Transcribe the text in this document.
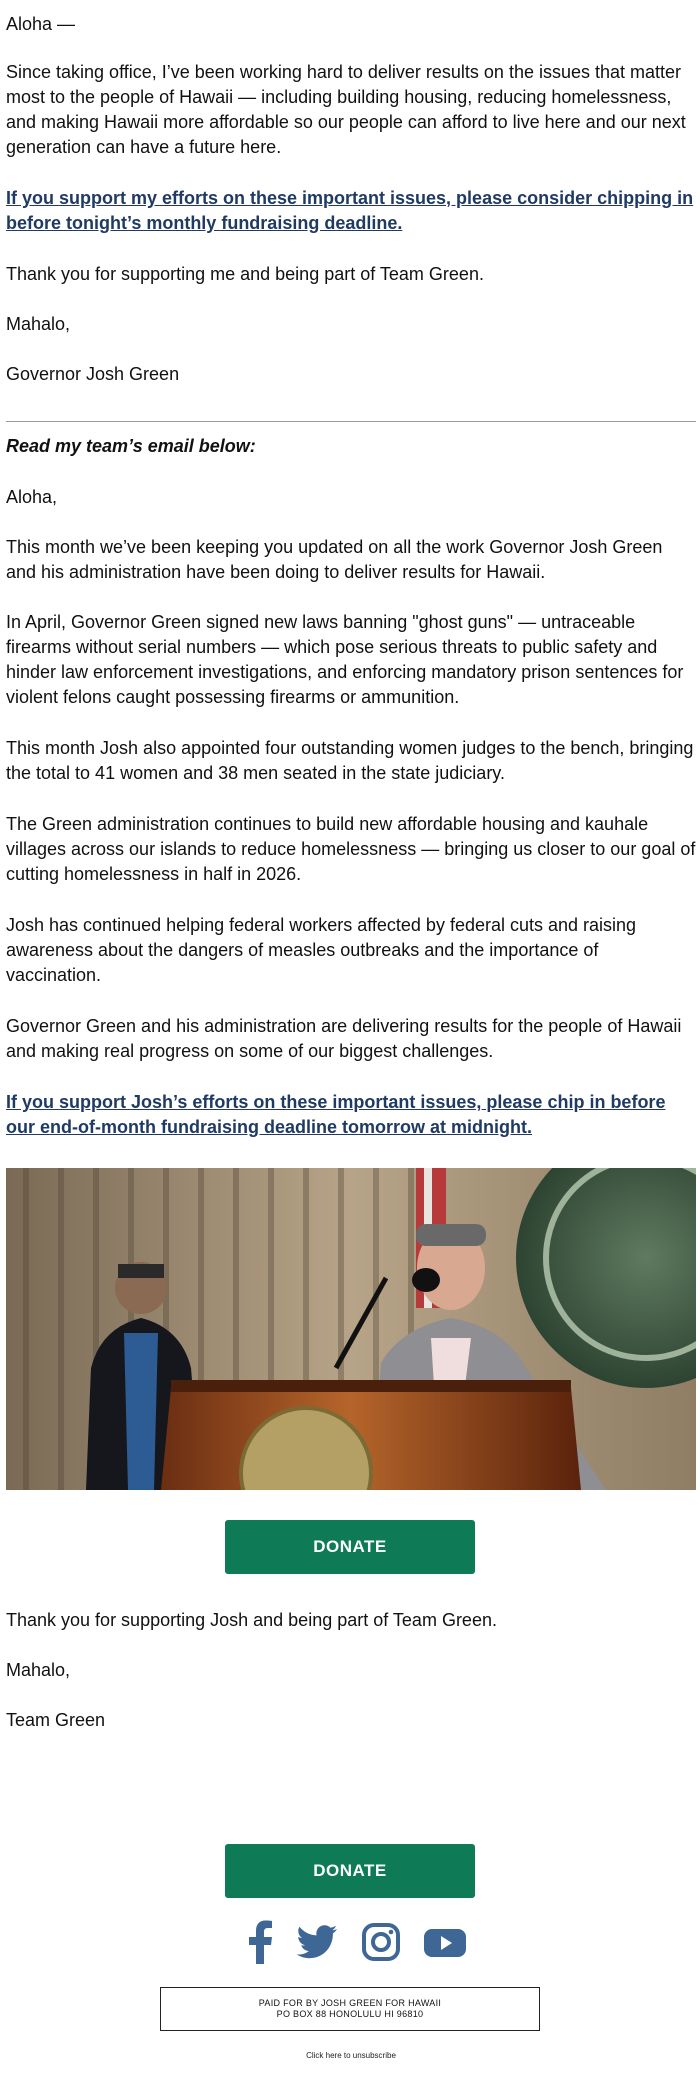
Aloha —

Since taking office, I’ve been working hard to deliver results on the issues that matter most to the people of Hawaii — including building housing, reducing homelessness, and making Hawaii more affordable so our people can afford to live here and our next generation can have a future here.

If you support my efforts on these important issues, please consider chipping in before tonight’s monthly fundraising deadline.

Thank you for supporting me and being part of Team Green.

Mahalo,

Governor Josh Green

Read my team’s email below:

Aloha,

This month we’ve been keeping you updated on all the work Governor Josh Green and his administration have been doing to deliver results for Hawaii.

In April, Governor Green signed new laws banning "ghost guns" — untraceable firearms without serial numbers — which pose serious threats to public safety and hinder law enforcement investigations, and enforcing mandatory prison sentences for violent felons caught possessing firearms or ammunition.

This month Josh also appointed four outstanding women judges to the bench, bringing the total to 41 women and 38 men seated in the state judiciary.

The Green administration continues to build new affordable housing and kauhale villages across our islands to reduce homelessness — bringing us closer to our goal of cutting homelessness in half in 2026.

Josh has continued helping federal workers affected by federal cuts and raising awareness about the dangers of measles outbreaks and the importance of vaccination.

Governor Green and his administration are delivering results for the people of Hawaii and making real progress on some of our biggest challenges.

If you support Josh’s efforts on these important issues, please chip in before our end-of-month fundraising deadline tomorrow at midnight.

DONATE

Thank you for supporting Josh and being part of Team Green.

Mahalo,

Team Green

DONATE
PAID FOR BY JOSH GREEN FOR HAWAII
PO BOX 88 HONOLULU HI 96810
Click here to unsubscribe
